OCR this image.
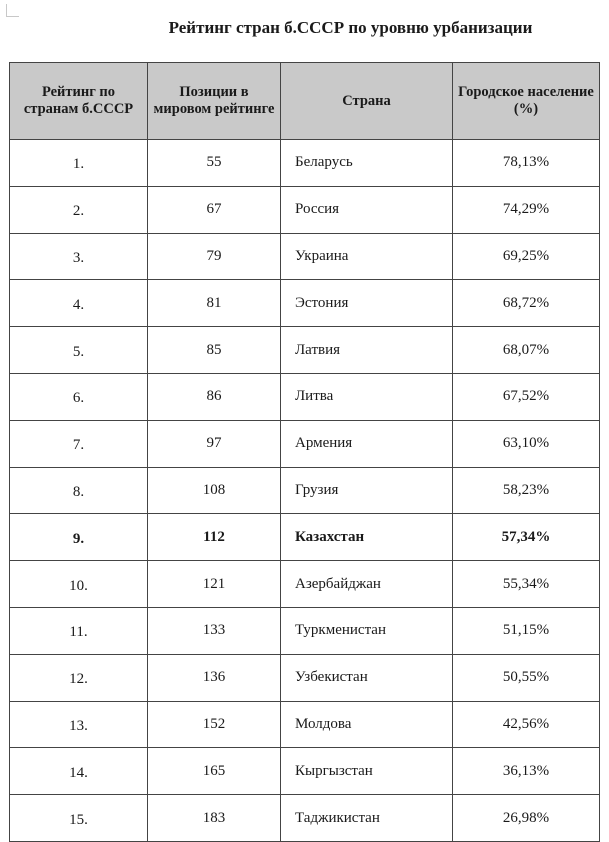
Рейтинг стран б.СССР по уровню урбанизации
Рейтинг по странам б.СССР	Позиции в мировом рейтинге	Страна	Городское население (%)
1.	55	Беларусь	78,13%
2.	67	Россия	74,29%
3.	79	Украина	69,25%
4.	81	Эстония	68,72%
5.	85	Латвия	68,07%
6.	86	Литва	67,52%
7.	97	Армения	63,10%
8.	108	Грузия	58,23%
9.	112	Казахстан	57,34%
10.	121	Азербайджан	55,34%
11.	133	Туркменистан	51,15%
12.	136	Узбекистан	50,55%
13.	152	Молдова	42,56%
14.	165	Кыргызстан	36,13%
15.	183	Таджикистан	26,98%
